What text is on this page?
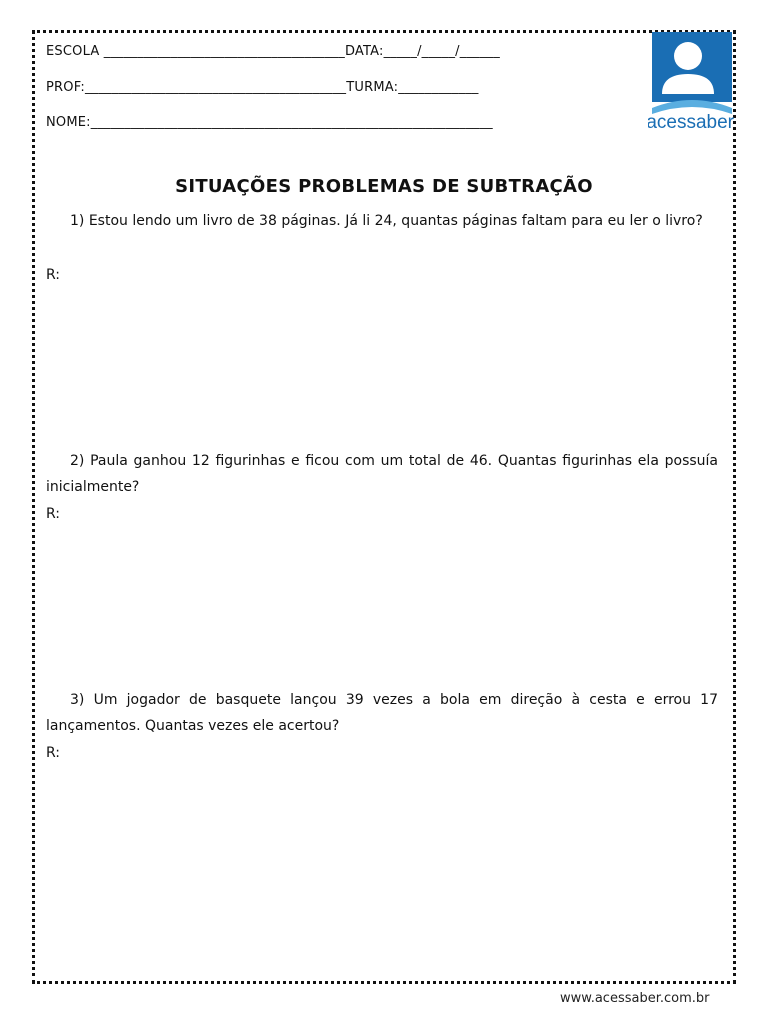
ESCOLA ____________________________________DATA:_____/_____/______
PROF:_______________________________________TURMA:____________
NOME:____________________________________________________________	acessaber
SITUAÇÕES PROBLEMAS DE SUBTRAÇÃO
1) Estou lendo um livro de 38 páginas. Já li 24, quantas páginas faltam para eu ler o livro?
R:
2) Paula ganhou 12 figurinhas e ficou com um total de 46. Quantas figurinhas ela possuía inicialmente?
R:
3) Um jogador de basquete lançou 39 vezes a bola em direção à cesta e errou 17 lançamentos. Quantas vezes ele acertou?
R:
www.acessaber.com.br
